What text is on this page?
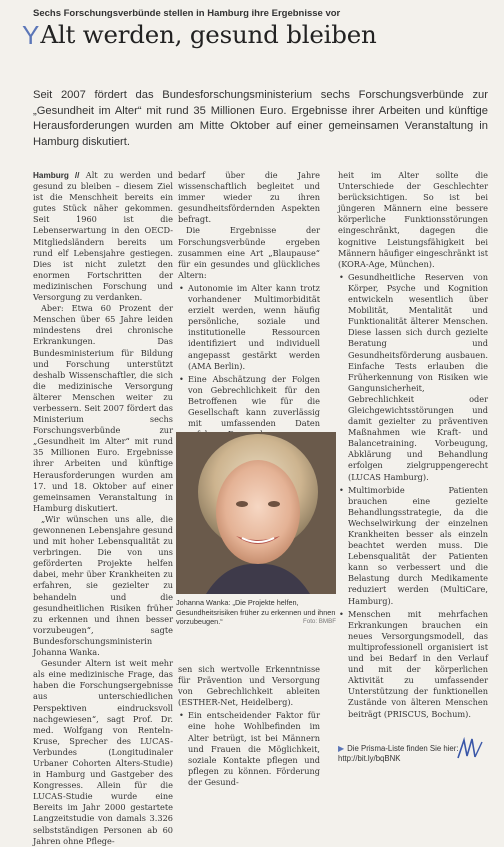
Sechs Forschungsverbünde stellen in Hamburg ihre Ergebnisse vor
Y Alt werden, gesund bleiben
Seit 2007 fördert das Bundesforschungsministerium sechs Forschungsverbünde zur „Gesundheit im Alter“ mit rund 35 Millionen Euro. Ergebnisse ihrer Arbeiten und künftige Herausforderungen wurden am Mitte Oktober auf einer gemeinsamen Veranstaltung in Hamburg diskutiert.

Hamburg // Alt zu werden und gesund zu bleiben – diesem Ziel ist die Menschheit bereits ein gutes Stück näher gekommen. Seit 1960 ist die Lebenserwartung in den OECD-Mitgliedsländern bereits um rund elf Lebensjahre gestiegen. Dies ist nicht zuletzt den enormen Fortschritten der medizinischen Forschung und Versorgung zu verdanken.

Aber: Etwa 60 Prozent der Menschen über 65 Jahre leiden mindestens drei chronische Erkrankungen. Das Bundesministerium für Bildung und Forschung unterstützt deshalb Wissenschaftler, die sich die medizinische Versorgung älterer Menschen weiter zu verbessern. Seit 2007 fördert das Ministerium sechs Forschungsverbünde zur „Gesundheit im Alter“ mit rund 35 Millionen Euro. Ergebnisse ihrer Arbeiten und künftige Herausforderungen wurden am 17. und 18. Oktober auf einer gemeinsamen Veranstaltung in Hamburg diskutiert.

„Wir wünschen uns alle, die gewonnenen Lebensjahre gesund und mit hoher Lebensqualität zu verbringen. Die von uns geförderten Projekte helfen dabei, mehr über Krankheiten zu erfahren, sie gezielter zu behandeln und die gesundheitlichen Risiken früher zu erkennen und ihnen besser vorzubeugen“, sagte Bundesforschungsministerin Johanna Wanka.

Gesunder Altern ist weit mehr als eine medizinische Frage, das haben die Forschungsergebnisse aus unterschiedlichen Perspektiven eindrucksvoll nachgewiesen“, sagt Prof. Dr. med. Wolfgang von Renteln-Kruse, Sprecher des LUCAS-Verbundes (Longitudinaler Urbaner Cohorten Alters-Studie) in Hamburg und Gastgeber des Kongresses. Allein für die LUCAS-Studie wurde eine Bereits im Jahr 2000 gestartete Langzeitstudie von damals 3.326 selbstständigen Personen ab 60 Jahren ohne Pflege-

bedarf über die Jahre wissenschaftlich begleitet und immer wieder zu ihren gesundheitsfördernden Aspekten befragt.

Die Ergebnisse der Forschungsverbünde ergeben zusammen eine Art „Blaupause“ für ein gesundes und glückliches Altern:

• Autonomie im Alter kann trotz vorhandener Multimorbidität erzielt werden, wenn häufig persönliche, soziale und institutionelle Ressourcen identifiziert und individuell angepasst gestärkt werden (AMA Berlin).
• Eine Abschätzung der Folgen von Gebrechlichkeit für den Betroffenen wie für die Gesellschaft kann zuverlässig mit umfassenden Daten
Johanna Wanka: „Die Projekte helfen, Gesundheitsrisiken früher zu erkennen und ihnen vorzubeugen.“	Foto: BMBF

sen sich wertvolle Erkenntnisse für Prävention und Versorgung von Gebrechlichkeit ableiten (ESTHER-Net, Heidelberg).

• Ein entscheidender Faktor für eine hohe Wohlbefinden im Alter betrügt, ist bei Männern und Frauen die Möglichkeit, soziale Kontakte pflegen und pflegen zu können. Förderung der Gesund-

heit im Alter sollte die Unterschiede der Geschlechter berücksichtigen. So ist bei jüngeren Männern eine bessere körperliche Funktionsstörungen eingeschränkt, dagegen die kognitive Leistungsfähigkeit bei Männern häufiger eingeschränkt ist (KORA-Age, München).

• Gesundheitliche Reserven von Körper, Psyche und Kognition entwickeln wesentlich über Mobilität, Mentalität und Funktionalität älterer Menschen. Diese lassen sich durch gezielte Beratung und Gesundheitsförderung ausbauen. Einfache Tests erlauben die Früherkennung von Risiken wie Gangunsicherheit, Gebrechlichkeit oder Gleichgewichtsstörungen und damit gezielter zu präventiven Maßnahmen wie Kraft- und Balancetraining. Vorbeugung, Abklärung und Behandlung erfolgen zielgruppengerecht (LUCAS Hamburg).
• Multimorbide Patienten brauchen eine gezielte Behandlungsstrategie, da die Wechselwirkung der einzelnen Krankheiten besser als einzeln beachtet werden muss. Die Lebensqualität der Patienten kann so verbessert und die Belastung durch Medikamente reduziert werden (MultiCare, Hamburg).
• Menschen mit mehrfachen Erkrankungen brauchen ein neues Versorgungsmodell, das multiprofessionell organisiert ist und bei Bedarf in den Verlauf und mit der körperlichen Aktivität zu umfassender Unterstützung der funktionellen Zustände von älteren Menschen beiträgt (PRISCUS, Bochum).
▶ Die Prisma-Liste finden Sie hier: http://bit.ly/bqBNK
